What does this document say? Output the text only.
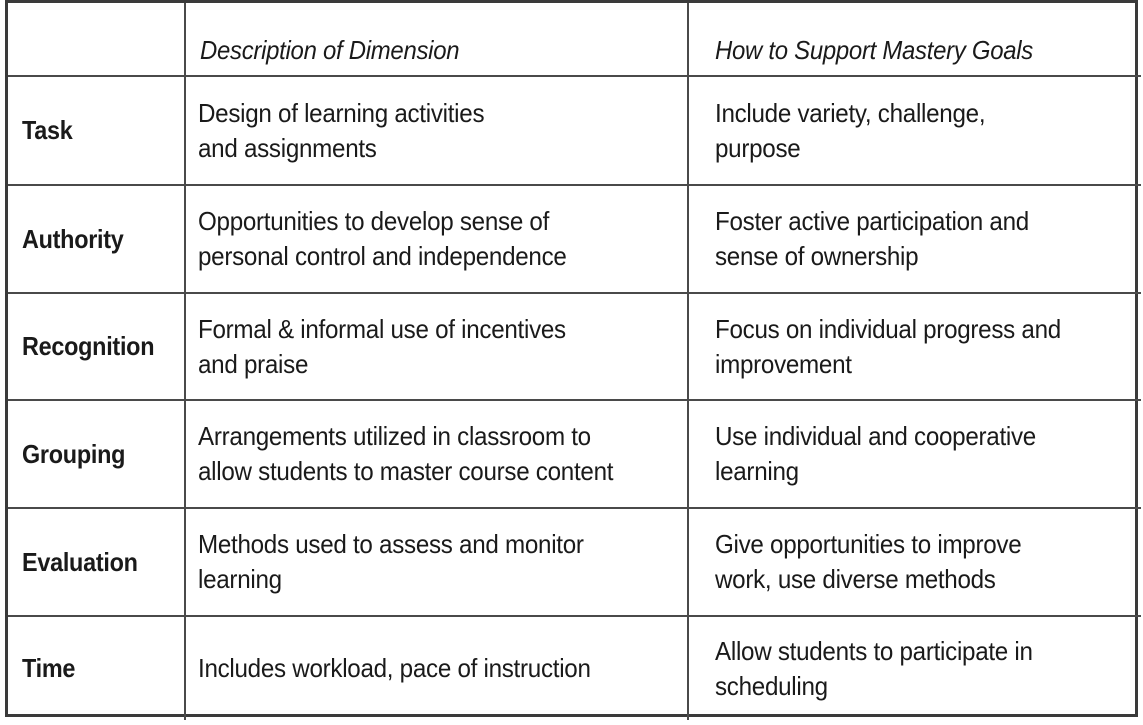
Description of Dimension	How to Support Mastery Goals
Task
Design of learning activities
and assignments
Include variety, challenge,
purpose
Authority
Opportunities to develop sense of
personal control and independence
Foster active participation and
sense of ownership
Recognition
Formal & informal use of incentives
and praise
Focus on individual progress and
improvement
Grouping
Arrangements utilized in classroom to
allow students to master course content
Use individual and cooperative
learning
Evaluation
Methods used to assess and monitor
learning
Give opportunities to improve
work, use diverse methods
Time	Includes workload, pace of instruction
Allow students to participate in
scheduling
